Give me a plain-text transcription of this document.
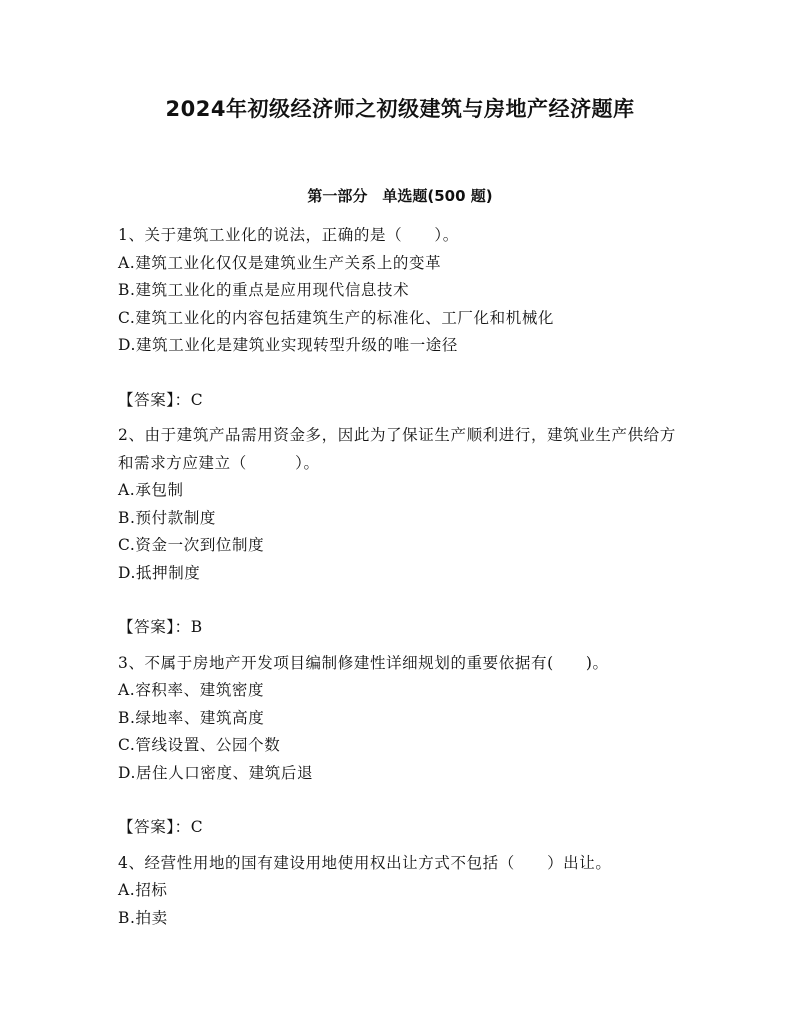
2024年初级经济师之初级建筑与房地产经济题库
第一部分　单选题(500 题)

1、关于建筑工业化的说法，正确的是（　　）。

A.建筑工业化仅仅是建筑业生产关系上的变革

B.建筑工业化的重点是应用现代信息技术

C.建筑工业化的内容包括建筑生产的标准化、工厂化和机械化

D.建筑工业化是建筑业实现转型升级的唯一途径

【答案】：C

2、由于建筑产品需用资金多，因此为了保证生产顺利进行，建筑业生产供给方和需求方应建立（　　　）。

A.承包制

B.预付款制度

C.资金一次到位制度

D.抵押制度

【答案】：B

3、不属于房地产开发项目编制修建性详细规划的重要依据有(　　)。

A.容积率、建筑密度

B.绿地率、建筑高度

C.管线设置、公园个数

D.居住人口密度、建筑后退

【答案】：C

4、经营性用地的国有建设用地使用权出让方式不包括（　　）出让。

A.招标

B.拍卖
